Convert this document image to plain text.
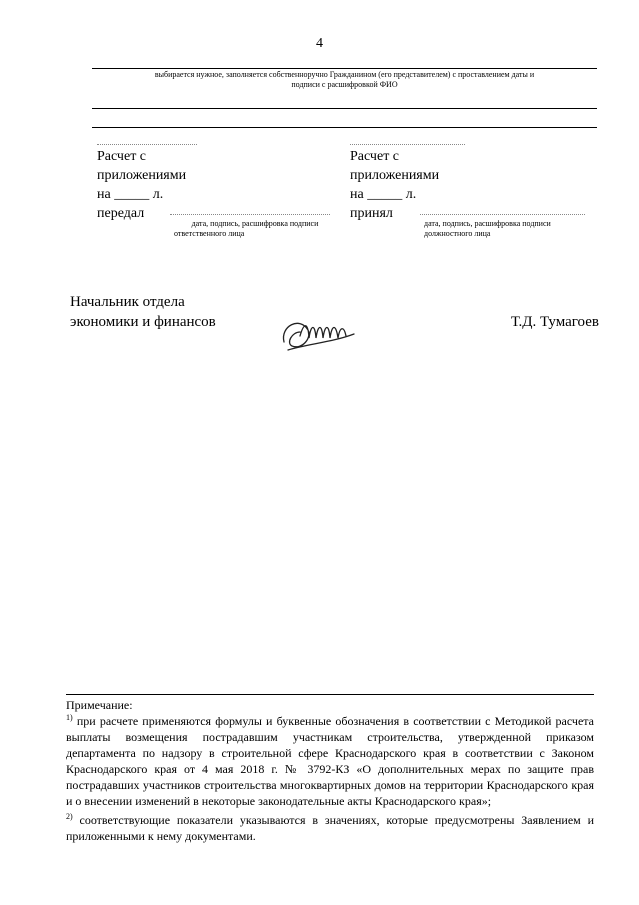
4
выбирается нужное, заполняется собственноручно Гражданином (его представителем) с проставлением даты и
подписи с расшифровкой ФИО
Расчет с
приложениями
на _____ л.
передал
дата, подпись, расшифровка подписи
ответственного лица
Расчет с
приложениями
на _____ л.
принял
дата, подпись, расшифровка подписи
должностного лица
Начальник отдела
экономики и финансов	Т.Д. Тумагоев
Примечание:
$^{1)}$ при расчете применяются формулы и буквенные обозначения в соответствии с Методикой расчета выплаты возмещения пострадавшим участникам строительства, утвержденной приказом департамента по надзору в строительной сфере Краснодарского края в соответствии с Законом Краснодарского края от 4 мая 2018 г. № 3792-КЗ «О дополнительных мерах по защите прав пострадавших участников строительства многоквартирных домов на территории Краснодарского края и о внесении изменений в некоторые законодательные акты Краснодарского края»;
$^{2)}$ соответствующие показатели указываются в значениях, которые предусмотрены Заявлением и приложенными к нему документами.
